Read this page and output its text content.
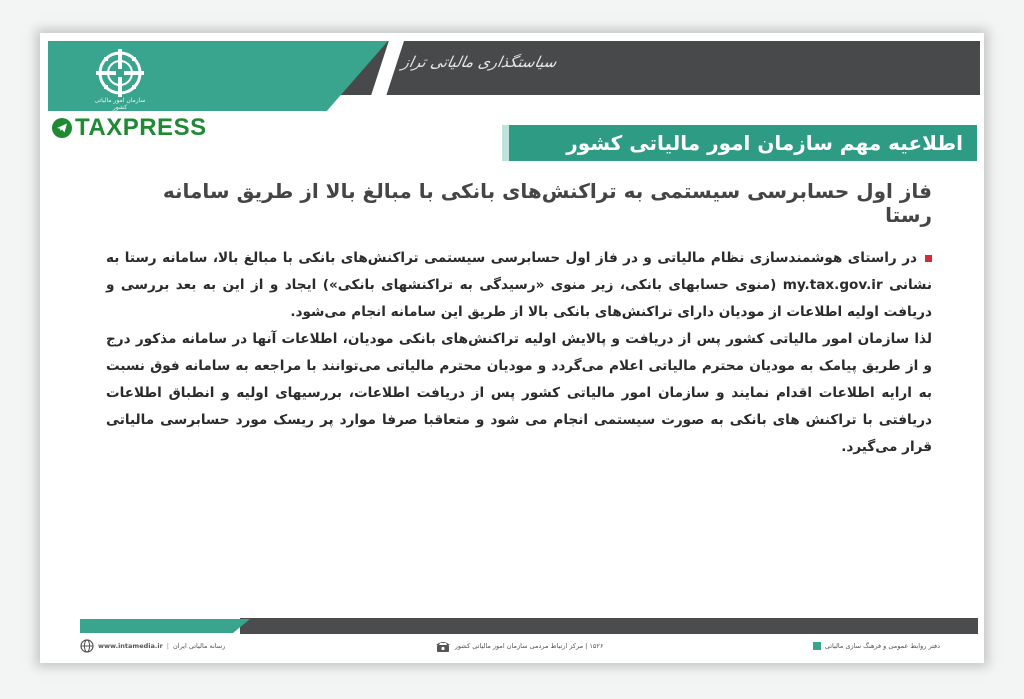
سازمان امور مالیاتی کشور
سیاستگذاری مالیاتی تراز
TAXPRESS
اطلاعیه مهم سازمان امور مالیاتی کشور
فاز اول حسابرسی سیستمی به تراکنش‌های بانکی با مبالغ بالا از طریق سامانه رستا

در راستای هوشمندسازی نظام مالیاتی و در فاز اول حسابرسی سیستمی تراکنش‌های بانکی با مبالغ بالا، سامانه رستا به نشانی my.tax.gov.ir (منوی حسابهای بانکی، زیر منوی «رسیدگی به تراکنشهای بانکی») ایجاد و از این به بعد بررسی و دریافت اولیه اطلاعات از مودیان دارای تراکنش‌های بانکی بالا از طریق این سامانه انجام می‌شود.

لذا سازمان امور مالیاتی کشور پس از دریافت و پالایش اولیه تراکنش‌های بانکی مودیان، اطلاعات آنها در سامانه مذکور درج و از طریق پیامک به مودیان محترم مالیاتی اعلام می‌گردد و مودیان محترم مالیاتی می‌توانند با مراجعه به سامانه فوق نسبت به ارایه اطلاعات اقدام نمایند و سازمان امور مالیاتی کشور پس از دریافت اطلاعات، بررسیهای اولیه و انطباق اطلاعات دریافتی با تراکنش های بانکی به صورت سیستمی انجام می شود و متعاقبا صرفا موارد پر ریسک مورد حسابرسی مالیاتی قرار می‌گیرد.

رسانه مالیاتی ایران
|
www.intamedia.ir	۱۵۲۶ | مرکز ارتباط مردمی سازمان امور مالیاتی کشور	دفتر روابط عمومی و فرهنگ سازی مالیاتی
